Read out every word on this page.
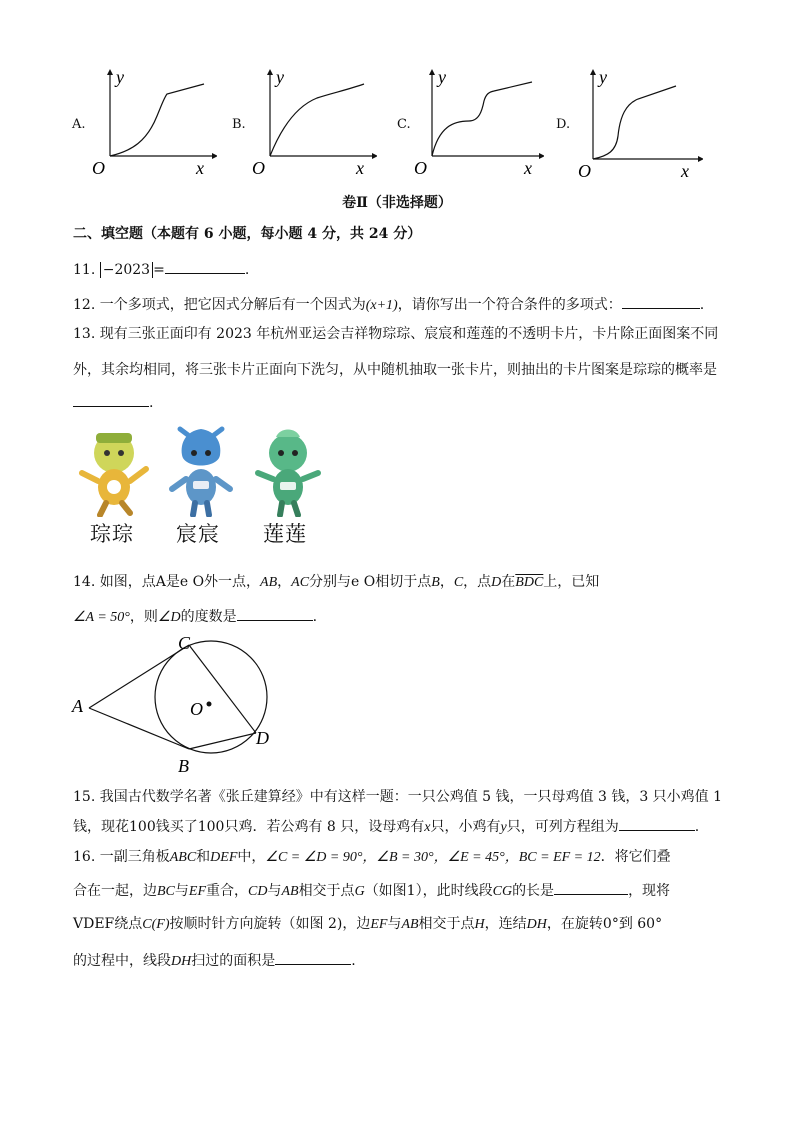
A.
y
x
O
B.
y
x
O
C.
y
x
O
D.
y
x
O
卷Ⅱ（非选择题）
二、填空题（本题有 6 小题，每小题 4 分，共 24 分）
11. −2023 =	.
12. 一个多项式，把它因式分解后有一个因式为(x+1)，请你写出一个符合条件的多项式：	.
13. 现有三张正面印有 2023 年杭州亚运会吉祥物琮琮、宸宸和莲莲的不透明卡片，卡片除正面图案不同
外，其余均相同，将三张卡片正面向下洗匀，从中随机抽取一张卡片，则抽出的卡片图案是琮琮的概率是
.
琮琮 宸宸 莲莲
14. 如图，点A是e O外一点，AB，AC分别与e O相切于点B，C，点D在$\overline{BDC}$上，已知
∠A = 50°，则∠D的度数是	.
A
C
B
D
O
15. 我国古代数学名著《张丘建算经》中有这样一题：一只公鸡值 5 钱，一只母鸡值 3 钱，3 只小鸡值 1
钱，现花100钱买了100只鸡．若公鸡有 8 只，设母鸡有x只，小鸡有y只，可列方程组为	.
16. 一副三角板ABC和DEF中，∠C = ∠D = 90°，∠B = 30°，∠E = 45°，BC = EF = 12．将它们叠
合在一起，边BC与EF重合，CD与AB相交于点G（如图1），此时线段CG的长是	，现将
VDEF绕点C(F)按顺时针方向旋转（如图 2)，边EF与AB相交于点H，连结DH，在旋转0°到 60°
的过程中，线段DH扫过的面积是	.
